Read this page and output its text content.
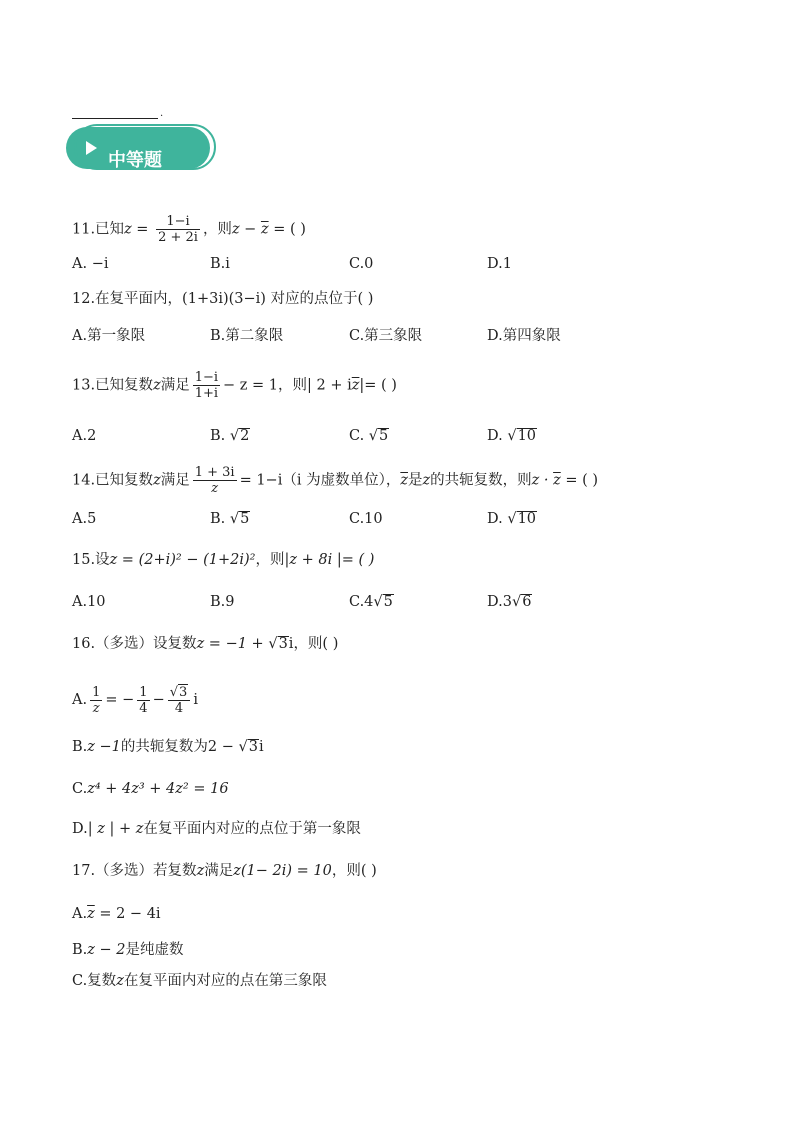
.
中等题
11.已知$z = \frac{1-i}{2 + 2i}$ ，则$z - \overline{z}$ = ( )
A. −i	B.i	C.0	D.1
12.在复平面内，(1+3i)(3−i) 对应的点位于( )
A.第一象限	B.第二象限	C.第三象限	D.第四象限
13.已知复数z满足 $\frac{1-i}{1+i} - z = 1$，则| $2 + i\overline{z}|=$ ( )
A.2	B. √2	C. √5	D. √10
14.已知复数z满足 $\frac{1 + 3i}{z} = 1-i(i$ 为虚数单位），$\overline{z}$是z的共轭复数，则$z \cdot \overline{z}$ = ( )
A.5	B. √5	C.10	D. √10
15.设z = (2+i)² − (1+2i)²，则|z + 8i |= ( )
A.10	B.9	C.4√5	D.3√6
16.（多选）设复数z = −1 + √3i，则( )
A. $\frac{1}{z}$ = − $\frac{1}{4} - \frac{√3}{4}$ i
B.z −1的共轭复数为2 − √3i
C.z⁴ + 4z³ + 4z² = 16
D.| z | + z在复平面内对应的点位于第一象限
17.（多选）若复数z满足z(1− 2i) = 10，则( )
$A.\overline{z} = 2 - 4i$
B.z − 2是纯虚数
C.复数z在复平面内对应的点在第三象限
